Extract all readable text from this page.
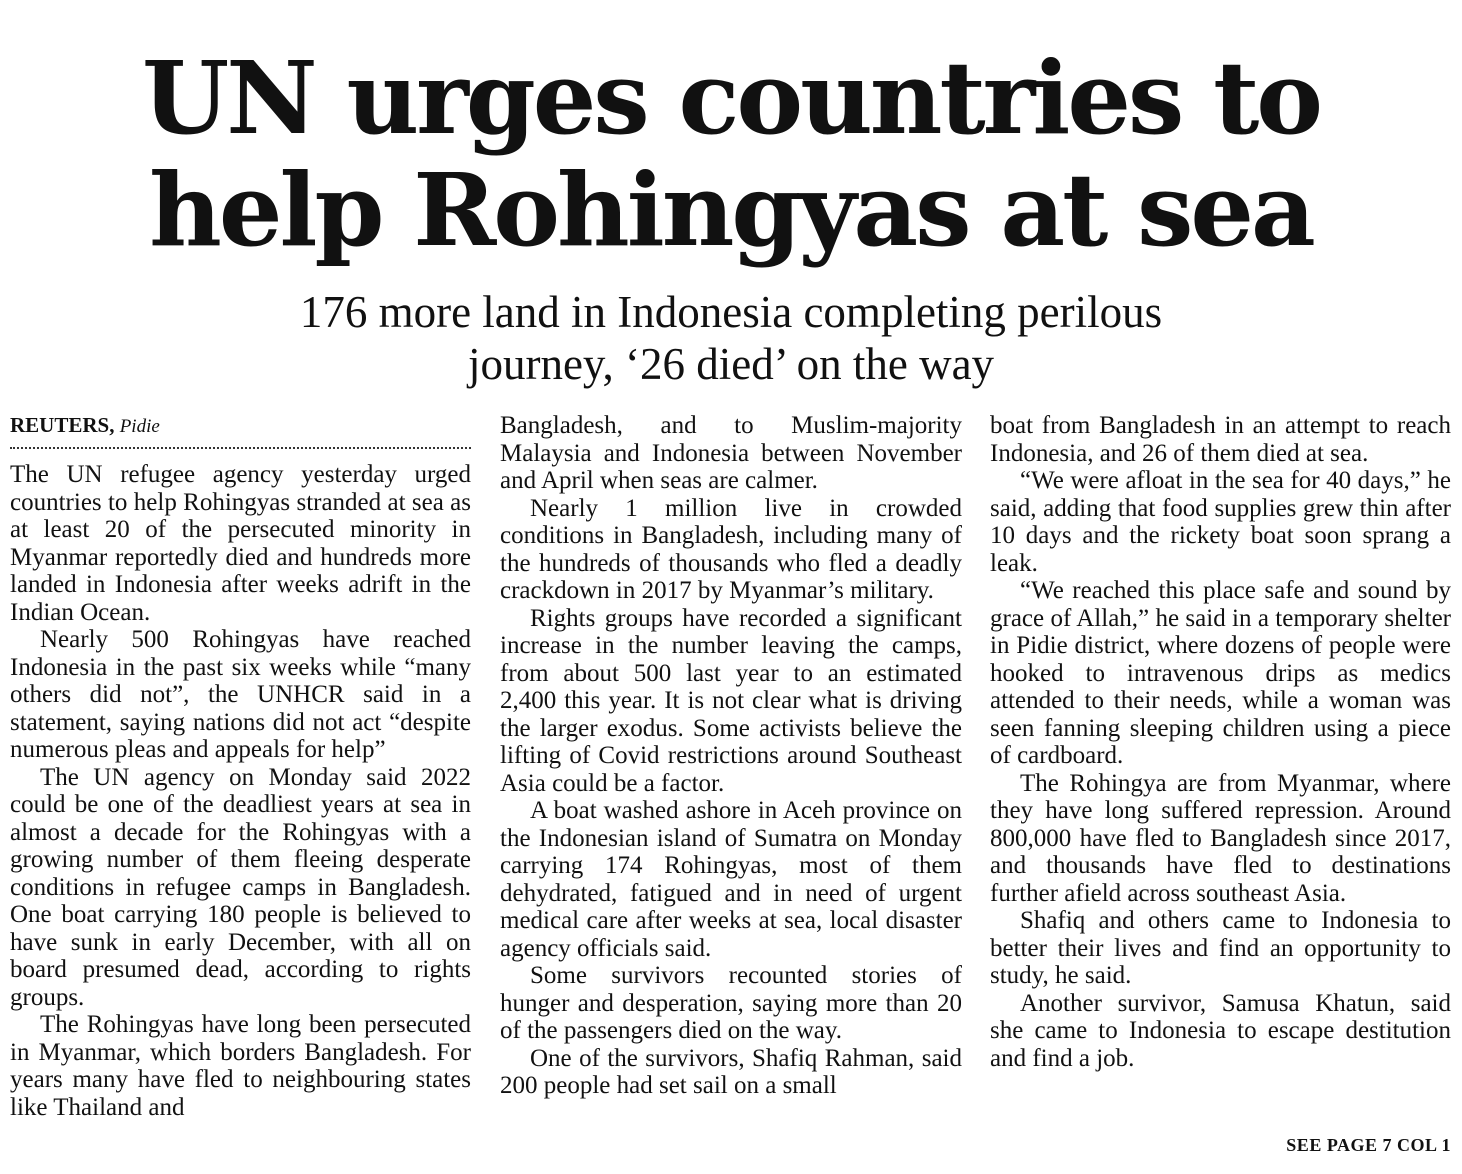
UN urges countries to
help Rohingyas at sea
176 more land in Indonesia completing perilous
journey, ‘26 died’ on the way
REUTERS, Pidie

The UN refugee agency yesterday urged countries to help Rohingyas stranded at sea as at least 20 of the persecuted minority in Myanmar reportedly died and hundreds more landed in Indonesia after weeks adrift in the Indian Ocean.

Nearly 500 Rohingyas have reached Indonesia in the past six weeks while “many others did not”, the UNHCR said in a statement, saying nations did not act “despite numerous pleas and appeals for help”

The UN agency on Monday said 2022 could be one of the deadliest years at sea in almost a decade for the Rohingyas with a growing number of them fleeing desperate conditions in refugee camps in Bangladesh. One boat carrying 180 people is believed to have sunk in early December, with all on board presumed dead, according to rights groups.

The Rohingyas have long been persecuted in Myanmar, which borders Bangladesh. For years many have fled to neighbouring states like Thailand and

Bangladesh, and to Muslim-majority Malaysia and Indonesia between November and April when seas are calmer.

Nearly 1 million live in crowded conditions in Bangladesh, including many of the hundreds of thousands who fled a deadly crackdown in 2017 by Myanmar’s military.

Rights groups have recorded a significant increase in the number leaving the camps, from about 500 last year to an estimated 2,400 this year. It is not clear what is driving the larger exodus. Some activists believe the lifting of Covid restrictions around Southeast Asia could be a factor.

A boat washed ashore in Aceh province on the Indonesian island of Sumatra on Monday carrying 174 Rohingyas, most of them dehydrated, fatigued and in need of urgent medical care after weeks at sea, local disaster agency officials said.

Some survivors recounted stories of hunger and desperation, saying more than 20 of the passengers died on the way.

One of the survivors, Shafiq Rahman, said 200 people had set sail on a small

boat from Bangladesh in an attempt to reach Indonesia, and 26 of them died at sea.

“We were afloat in the sea for 40 days,” he said, adding that food supplies grew thin after 10 days and the rickety boat soon sprang a leak.

“We reached this place safe and sound by grace of Allah,” he said in a temporary shelter in Pidie district, where dozens of people were hooked to intravenous drips as medics attended to their needs, while a woman was seen fanning sleeping children using a piece of cardboard.

The Rohingya are from Myanmar, where they have long suffered repression. Around 800,000 have fled to Bangladesh since 2017, and thousands have fled to destinations further afield across southeast Asia.

Shafiq and others came to Indonesia to better their lives and find an opportunity to study, he said.

Another survivor, Samusa Khatun, said she came to Indonesia to escape destitution and find a job.

SEE PAGE 7 COL 1
